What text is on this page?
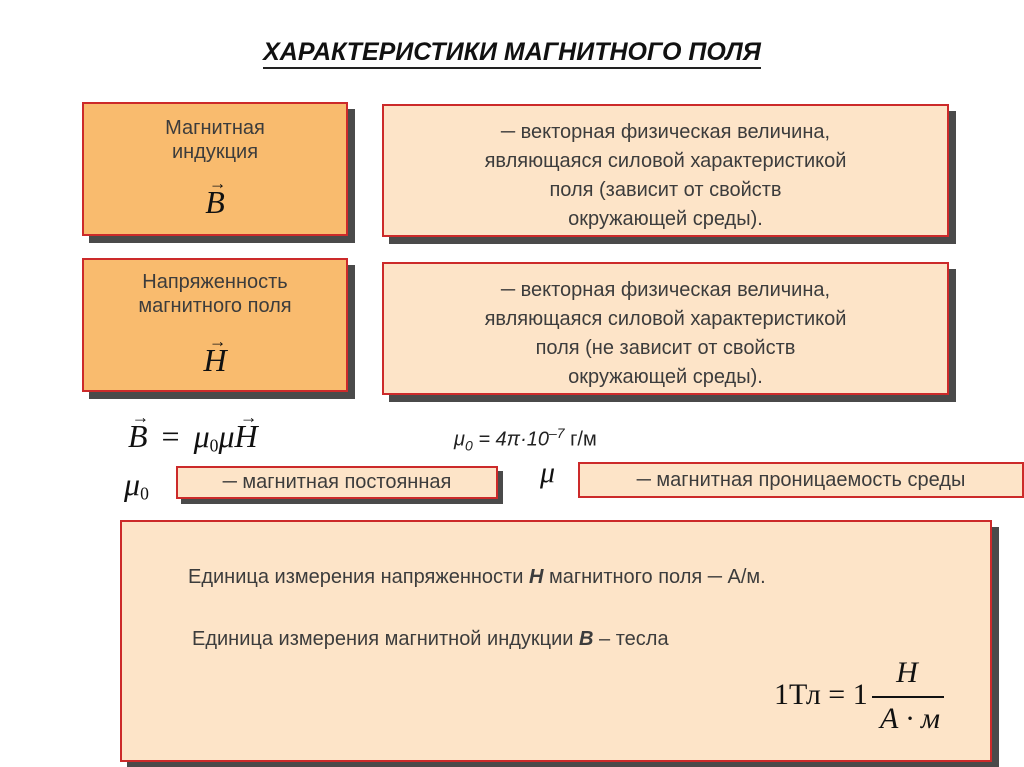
ХАРАКТЕРИСТИКИ МАГНИТНОГО ПОЛЯ
Магнитная
индукция
→ B
─ векторная физическая величина,
являющаяся силовой характеристикой
поля (зависит от свойств
окружающей среды).
Напряженность
магнитного поля
→ H
─ векторная физическая величина,
являющаяся силовой характеристикой
поля (не зависит от свойств
окружающей среды).
→ $B = \mu_0\mu\to H$	$\mu_0 = 4\pi\cdot 10^{-7}$ г/м
$\mu_0$
─ магнитная постоянная	μ	─ магнитная проницаемость среды
Единица измерения напряженности H магнитного поля ─ А/м.
Единица измерения магнитной индукции B – тесла
1Тл = 1
Н
А · м
